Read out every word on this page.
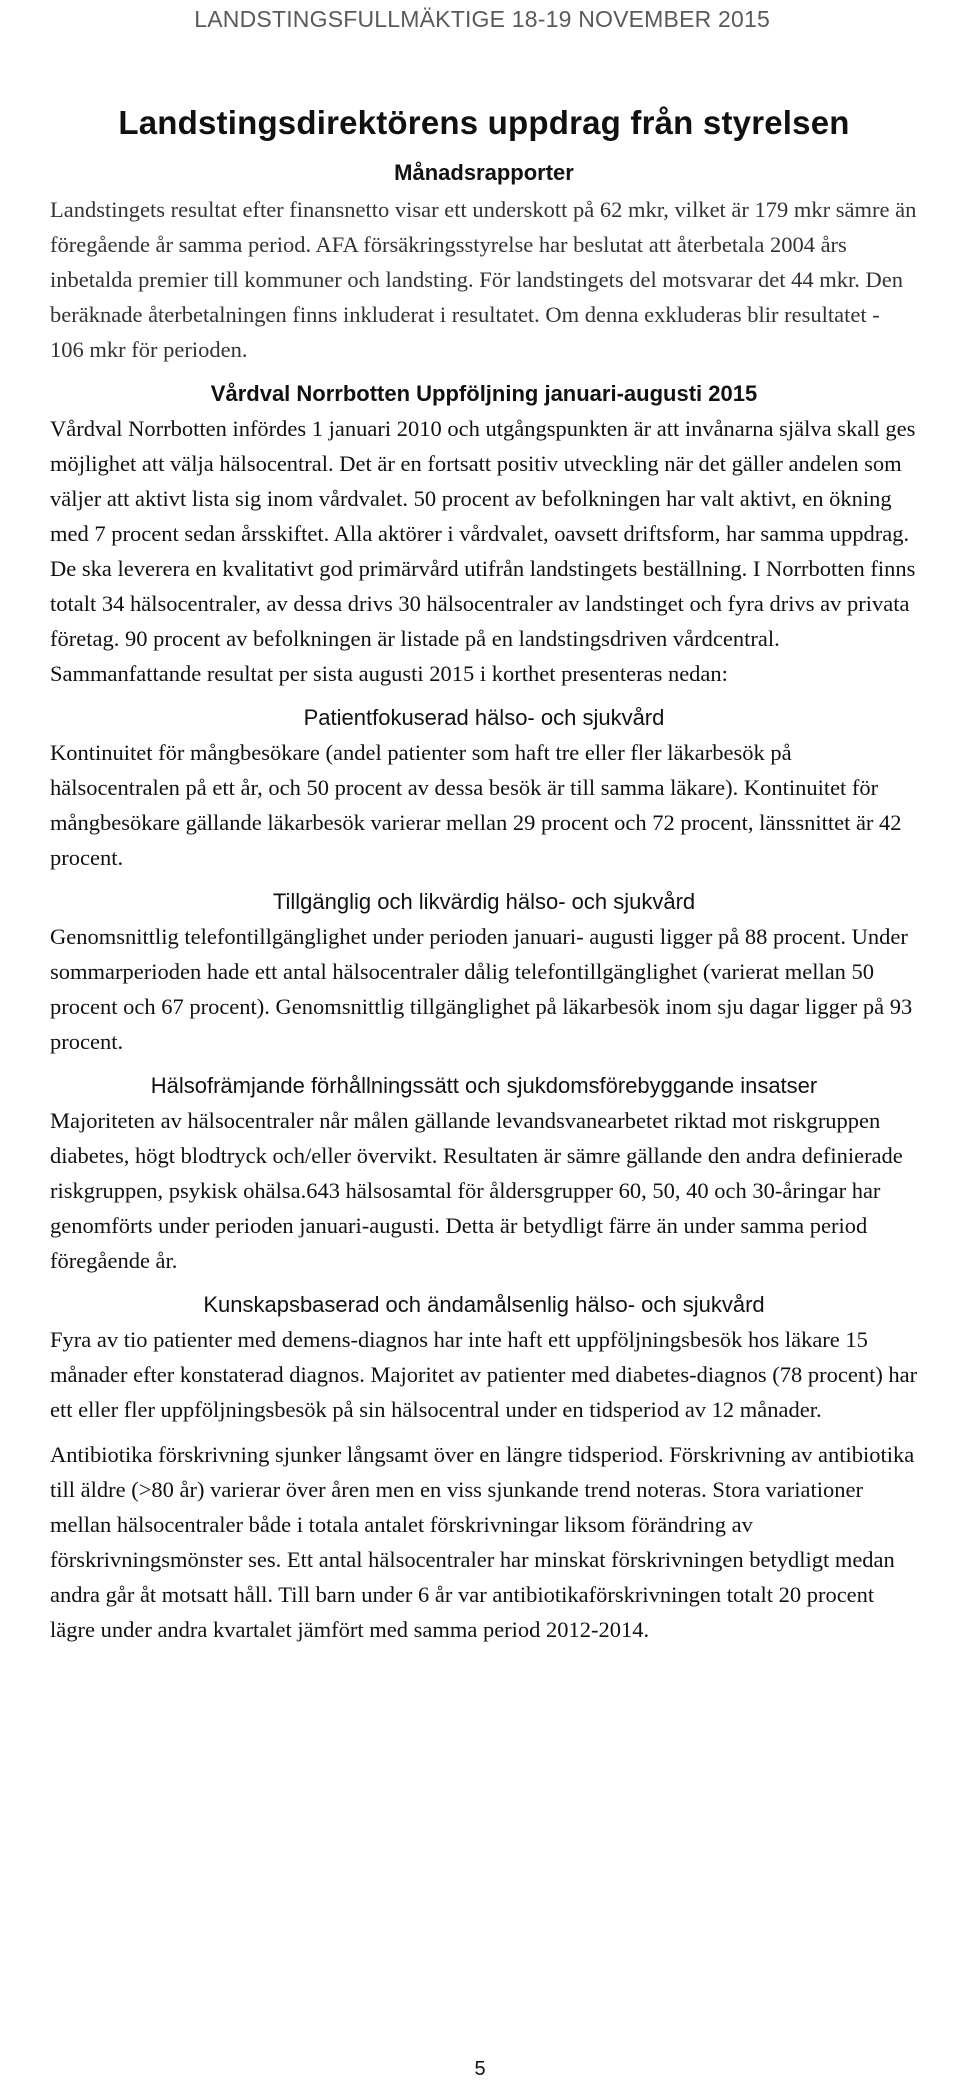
LANDSTINGSFULLMÄKTIGE 18-19 NOVEMBER 2015
Landstingsdirektörens uppdrag från styrelsen
Månadsrapporter

Landstingets resultat efter finansnetto visar ett underskott på 62 mkr, vilket är 179 mkr sämre än föregående år samma period. AFA försäkringsstyrelse har beslutat att återbetala 2004 års inbetalda premier till kommuner och landsting. För landstingets del motsvarar det 44 mkr. Den beräknade återbetalningen finns inkluderat i resultatet. Om denna exkluderas blir resultatet - 106 mkr för perioden.

Vårdval Norrbotten Uppföljning januari-augusti 2015

Vårdval Norrbotten infördes 1 januari 2010 och utgångspunkten är att invånarna själva skall ges möjlighet att välja hälsocentral. Det är en fortsatt positiv utveckling när det gäller andelen som väljer att aktivt lista sig inom vårdvalet. 50 procent av befolkningen har valt aktivt, en ökning med 7 procent sedan årsskiftet. Alla aktörer i vårdvalet, oavsett driftsform, har samma uppdrag. De ska leverera en kvalitativt god primärvård utifrån landstingets beställning. I Norrbotten finns totalt 34 hälsocentraler, av dessa drivs 30 hälsocentraler av landstinget och fyra drivs av privata företag. 90 procent av befolkningen är listade på en landstingsdriven vårdcentral.

Sammanfattande resultat per sista augusti 2015 i korthet presenteras nedan:

Patientfokuserad hälso- och sjukvård

Kontinuitet för mångbesökare (andel patienter som haft tre eller fler läkarbesök på hälsocentralen på ett år, och 50 procent av dessa besök är till samma läkare). Kontinuitet för mångbesökare gällande läkarbesök varierar mellan 29 procent och 72 procent, länssnittet är 42 procent.

Tillgänglig och likvärdig hälso- och sjukvård

Genomsnittlig telefontillgänglighet under perioden januari- augusti ligger på 88 procent. Under sommarperioden hade ett antal hälsocentraler dålig telefontillgänglighet (varierat mellan 50 procent och 67 procent). Genomsnittlig tillgänglighet på läkarbesök inom sju dagar ligger på 93 procent.

Hälsofrämjande förhållningssätt och sjukdomsförebyggande insatser

Majoriteten av hälsocentraler når målen gällande levandsvanearbetet riktad mot riskgruppen diabetes, högt blodtryck och/eller övervikt. Resultaten är sämre gällande den andra definierade riskgruppen, psykisk ohälsa.643 hälsosamtal för åldersgrupper 60, 50, 40 och 30-åringar har genomförts under perioden januari-augusti. Detta är betydligt färre än under samma period föregående år.

Kunskapsbaserad och ändamålsenlig hälso- och sjukvård

Fyra av tio patienter med demens-diagnos har inte haft ett uppföljningsbesök hos läkare 15 månader efter konstaterad diagnos. Majoritet av patienter med diabetes-diagnos (78 procent) har ett eller fler uppföljningsbesök på sin hälsocentral under en tidsperiod av 12 månader.

Antibiotika förskrivning sjunker långsamt över en längre tidsperiod. Förskrivning av antibiotika till äldre (>80 år) varierar över åren men en viss sjunkande trend noteras. Stora variationer mellan hälsocentraler både i totala antalet förskrivningar liksom förändring av förskrivningsmönster ses. Ett antal hälsocentraler har minskat förskrivningen betydligt medan andra går åt motsatt håll. Till barn under 6 år var antibiotikaförskrivningen totalt 20 procent lägre under andra kvartalet jämfört med samma period 2012-2014.

5
